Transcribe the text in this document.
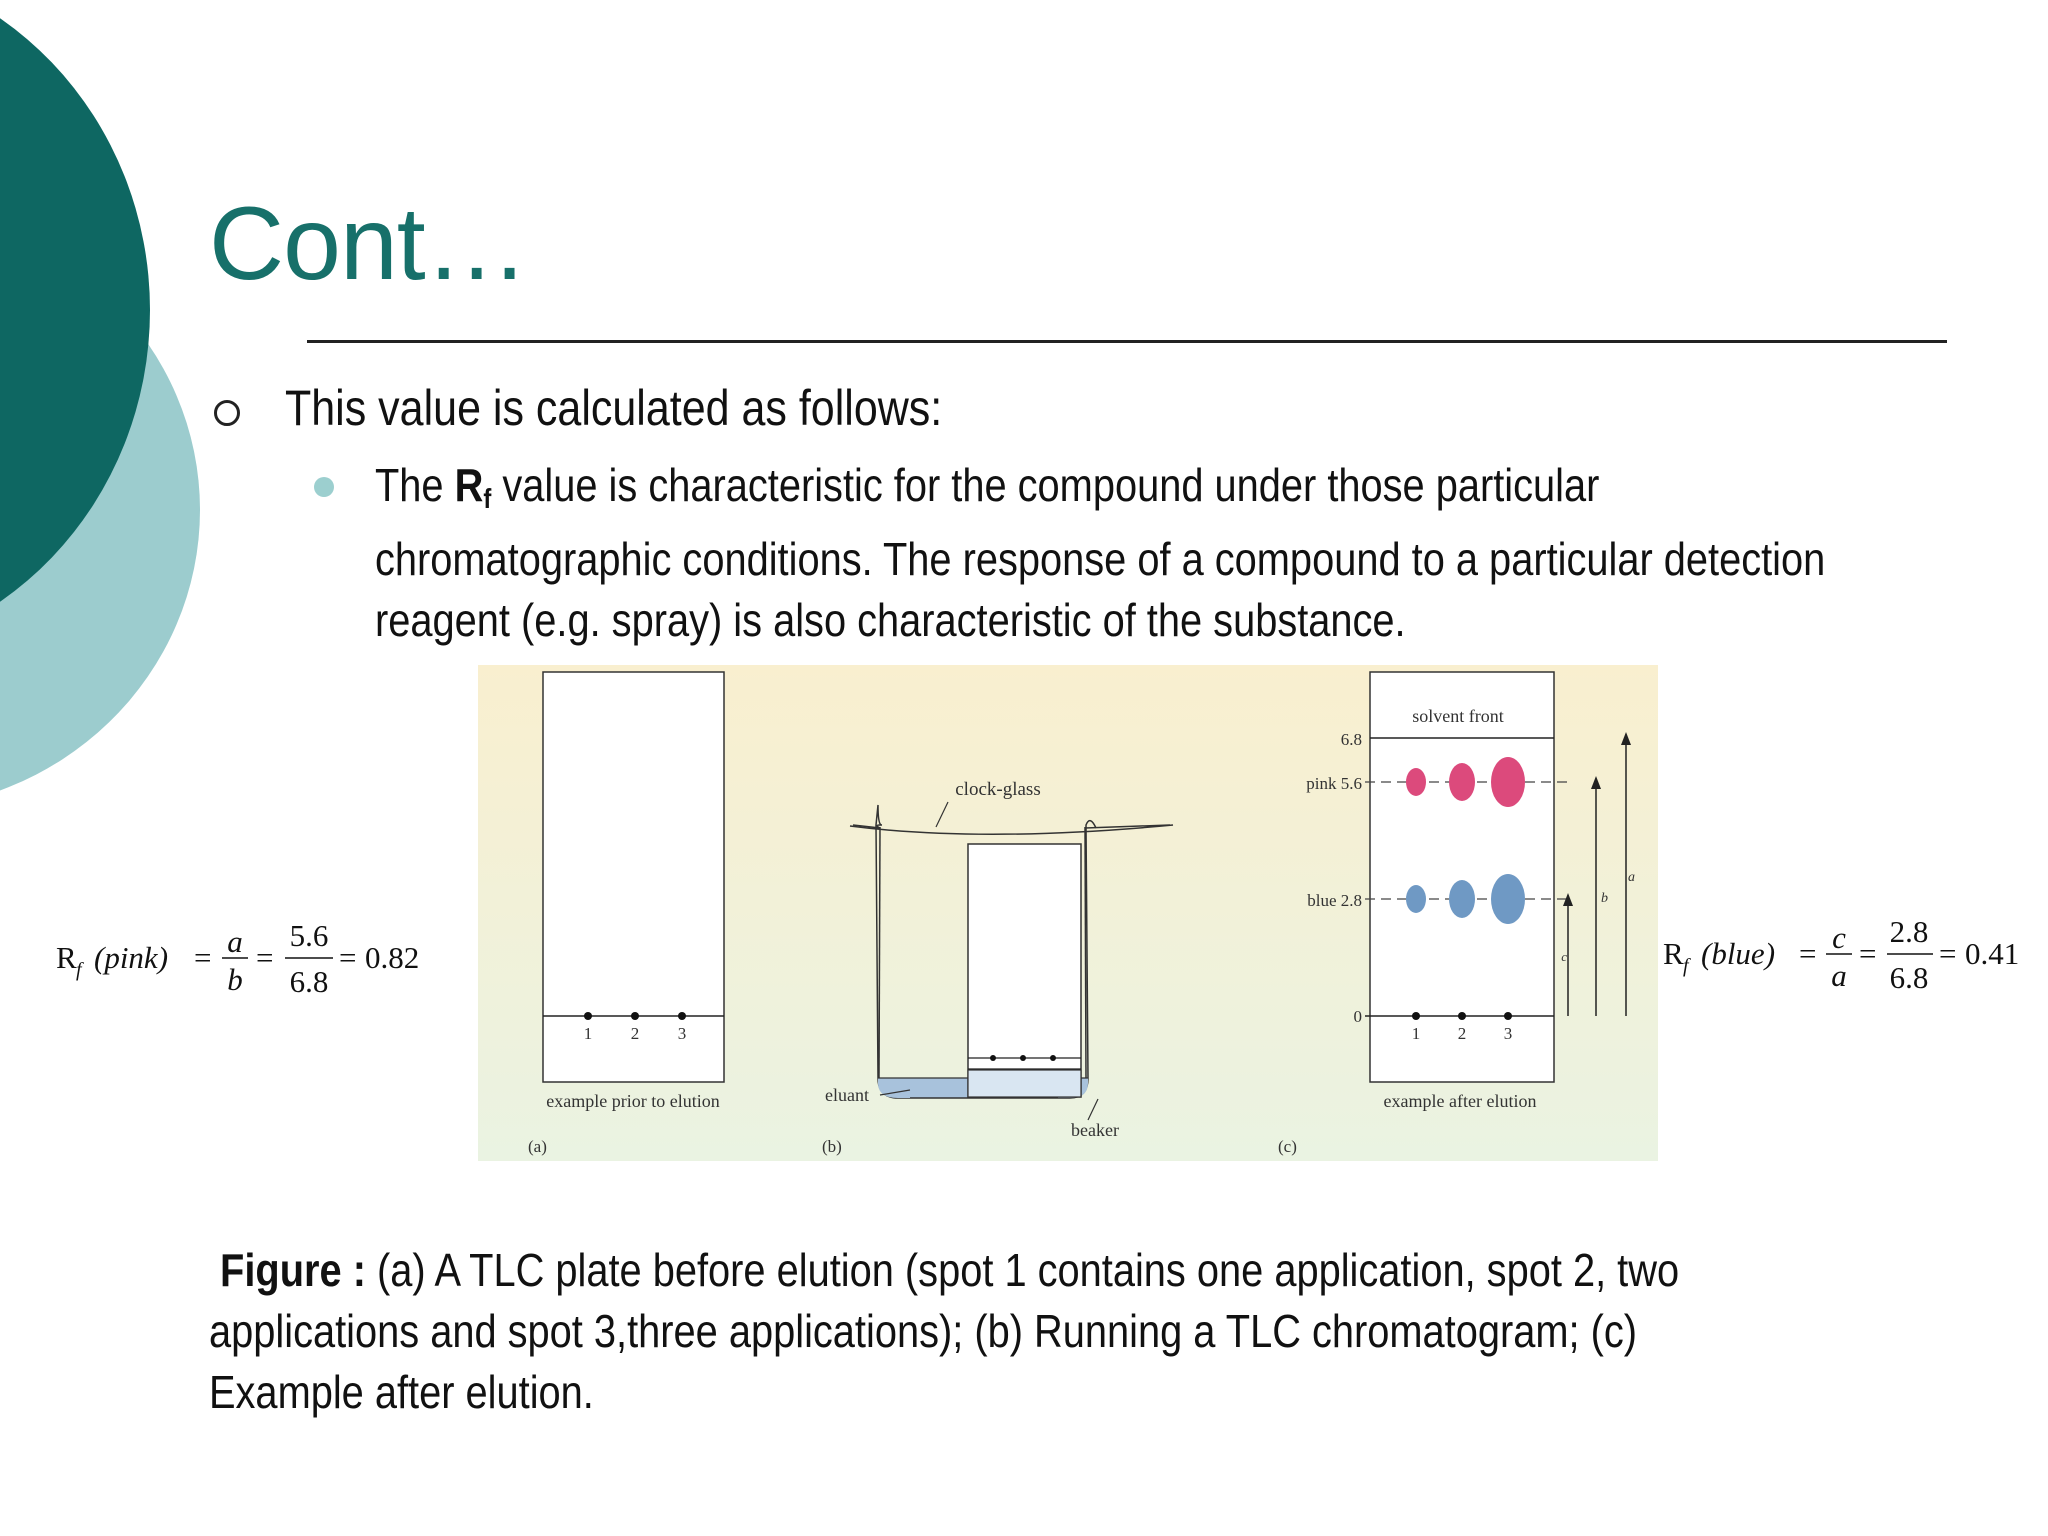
Cont…
This value is calculated as follows:
The $R_f$ value is characteristic for the compound under those particular chromatographic conditions. The response of a compound to a particular detection reagent (e.g. spray) is also characteristic of the substance.
1 2 3
example prior to elution
(a)
clock-glass
eluant
beaker
(b)
solvent front
6.8
pink 5.6
blue 2.8
0
1 2 3
c
b
a
example after elution
(c)
R f (pink) = a
b
=
5.6
6.8
= 0.82	R f (blue) = c
a
=
2.8
6.8
= 0.41
Figure : (a) A TLC plate before elution (spot 1 contains one application, spot 2, two applications and spot 3,three applications); (b) Running a TLC chromatogram; (c) Example after elution.
